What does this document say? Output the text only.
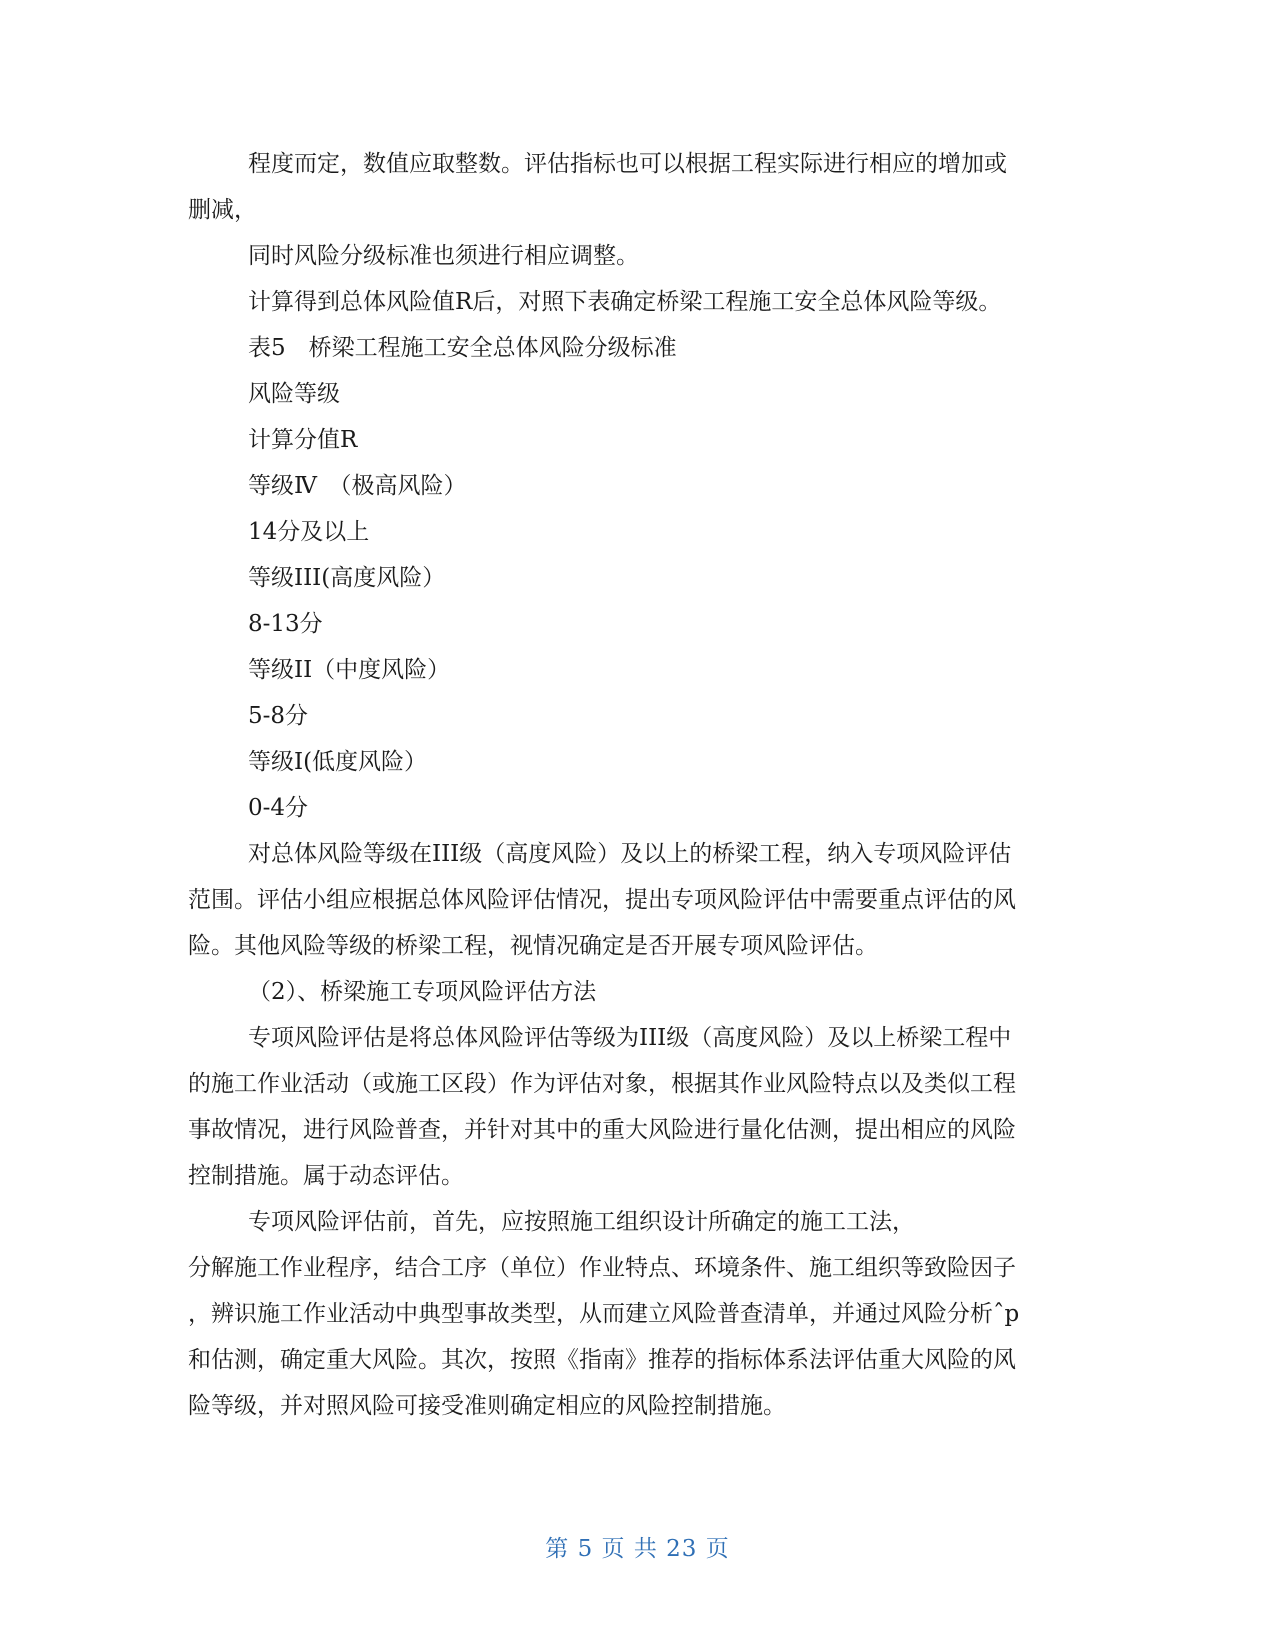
程度而定，数值应取整数。评估指标也可以根据工程实际进行相应的增加或
删减，
同时风险分级标准也须进行相应调整。
计算得到总体风险值R后，对照下表确定桥梁工程施工安全总体风险等级。
表5　桥梁工程施工安全总体风险分级标准
风险等级
计算分值R
等级Ⅳ　（极高风险）
14分及以上
等级III(高度风险）
8-13分
等级II（中度风险）
5-8分
等级I(低度风险）
0-4分
对总体风险等级在III级（高度风险）及以上的桥梁工程，纳入专项风险评估
范围。评估小组应根据总体风险评估情况，提出专项风险评估中需要重点评估的风
险。其他风险等级的桥梁工程，视情况确定是否开展专项风险评估。
（2）、桥梁施工专项风险评估方法
专项风险评估是将总体风险评估等级为III级（高度风险）及以上桥梁工程中
的施工作业活动（或施工区段）作为评估对象，根据其作业风险特点以及类似工程
事故情况，进行风险普查，并针对其中的重大风险进行量化估测，提出相应的风险
控制措施。属于动态评估。
专项风险评估前，首先，应按照施工组织设计所确定的施工工法，
分解施工作业程序，结合工序（单位）作业特点、环境条件、施工组织等致险因子
，辨识施工作业活动中典型事故类型，从而建立风险普查清单，并通过风险分析ˆp
和估测，确定重大风险。其次，按照《指南》推荐的指标体系法评估重大风险的风
险等级，并对照风险可接受准则确定相应的风险控制措施。
第 5 页 共 23 页
